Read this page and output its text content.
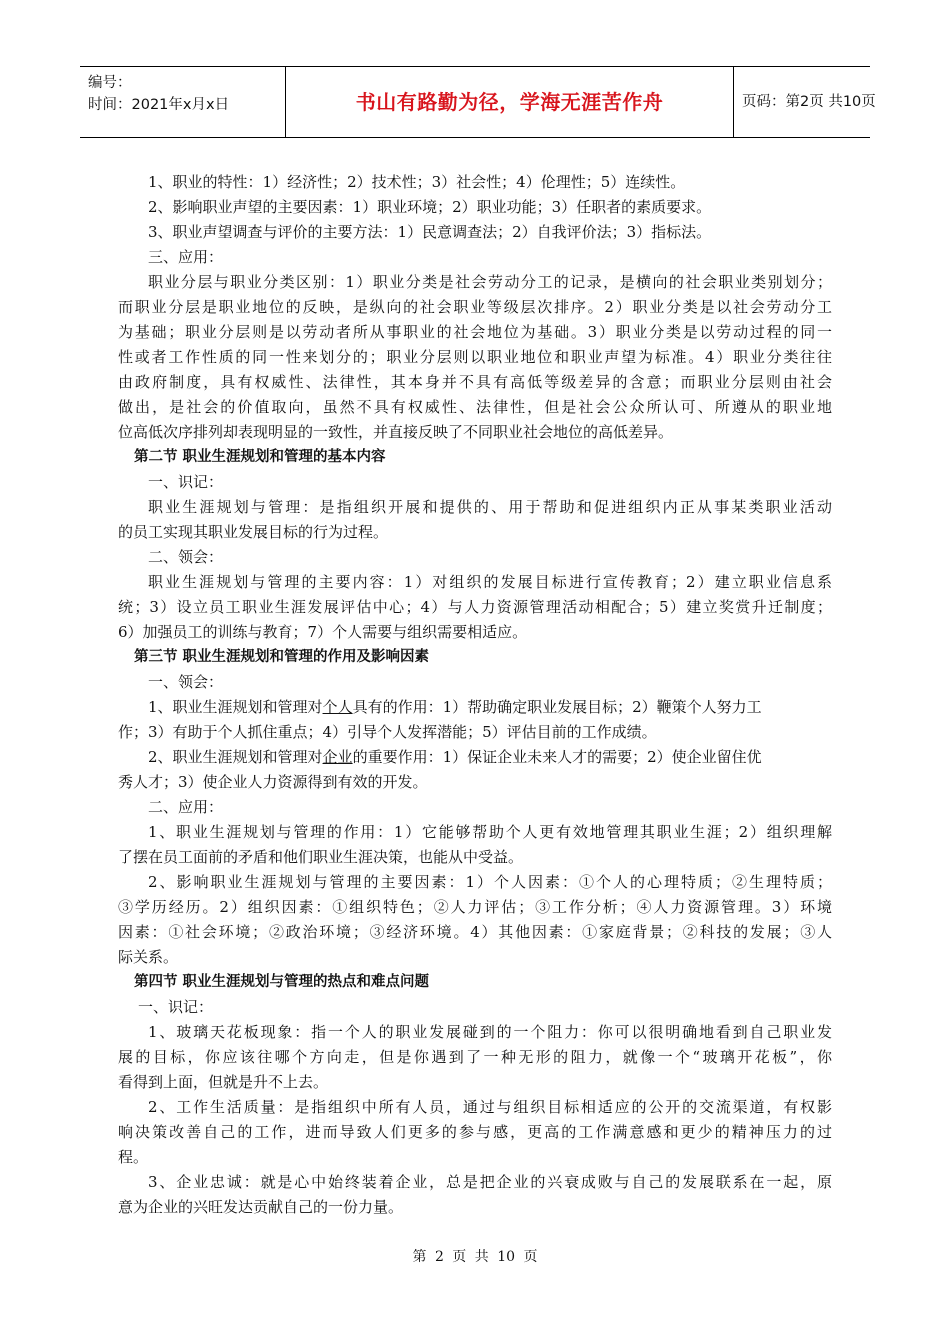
编号：
时间：2021年x月x日	书山有路勤为径，学海无涯苦作舟	页码：第2页 共10页
1、职业的特性：1）经济性；2）技术性；3）社会性；4）伦理性；5）连续性。
2、影响职业声望的主要因素：1）职业环境；2）职业功能；3）任职者的素质要求。
3、职业声望调查与评价的主要方法：1）民意调查法；2）自我评价法；3）指标法。
三、应用：
职业分层与职业分类区别：1）职业分类是社会劳动分工的记录，是横向的社会职业类别划分；
而职业分层是职业地位的反映，是纵向的社会职业等级层次排序。2）职业分类是以社会劳动分工
为基础；职业分层则是以劳动者所从事职业的社会地位为基础。3）职业分类是以劳动过程的同一
性或者工作性质的同一性来划分的；职业分层则以职业地位和职业声望为标准。4）职业分类往往
由政府制度，具有权威性、法律性，其本身并不具有高低等级差异的含意；而职业分层则由社会
做出，是社会的价值取向，虽然不具有权威性、法律性，但是社会公众所认可、所遵从的职业地
位高低次序排列却表现明显的一致性，并直接反映了不同职业社会地位的高低差异。
第二节 职业生涯规划和管理的基本内容
一、识记：
职业生涯规划与管理：是指组织开展和提供的、用于帮助和促进组织内正从事某类职业活动
的员工实现其职业发展目标的行为过程。
二、领会：
职业生涯规划与管理的主要内容：1）对组织的发展目标进行宣传教育；2）建立职业信息系
统；3）设立员工职业生涯发展评估中心；4）与人力资源管理活动相配合；5）建立奖赏升迁制度；
6）加强员工的训练与教育；7）个人需要与组织需要相适应。
第三节 职业生涯规划和管理的作用及影响因素
一、领会：
1、职业生涯规划和管理对个人具有的作用：1）帮助确定职业发展目标；2）鞭策个人努力工
作；3）有助于个人抓住重点；4）引导个人发挥潜能；5）评估目前的工作成绩。
2、职业生涯规划和管理对企业的重要作用：1）保证企业未来人才的需要；2）使企业留住优
秀人才；3）使企业人力资源得到有效的开发。
二、应用：
1、职业生涯规划与管理的作用：1）它能够帮助个人更有效地管理其职业生涯；2）组织理解
了摆在员工面前的矛盾和他们职业生涯决策，也能从中受益。
2、影响职业生涯规划与管理的主要因素：1）个人因素：①个人的心理特质；②生理特质；
③学历经历。2）组织因素：①组织特色；②人力评估；③工作分析；④人力资源管理。3）环境
因素：①社会环境；②政治环境；③经济环境。4）其他因素：①家庭背景；②科技的发展；③人
际关系。
第四节 职业生涯规划与管理的热点和难点问题
一、识记：
1、玻璃天花板现象：指一个人的职业发展碰到的一个阻力：你可以很明确地看到自己职业发
展的目标，你应该往哪个方向走，但是你遇到了一种无形的阻力，就像一个“玻璃开花板”，你
看得到上面，但就是升不上去。
2、工作生活质量：是指组织中所有人员，通过与组织目标相适应的公开的交流渠道，有权影
响决策改善自己的工作，进而导致人们更多的参与感，更高的工作满意感和更少的精神压力的过
程。
3、企业忠诚：就是心中始终装着企业，总是把企业的兴衰成败与自己的发展联系在一起，原
意为企业的兴旺发达贡献自己的一份力量。
第 2 页 共 10 页
